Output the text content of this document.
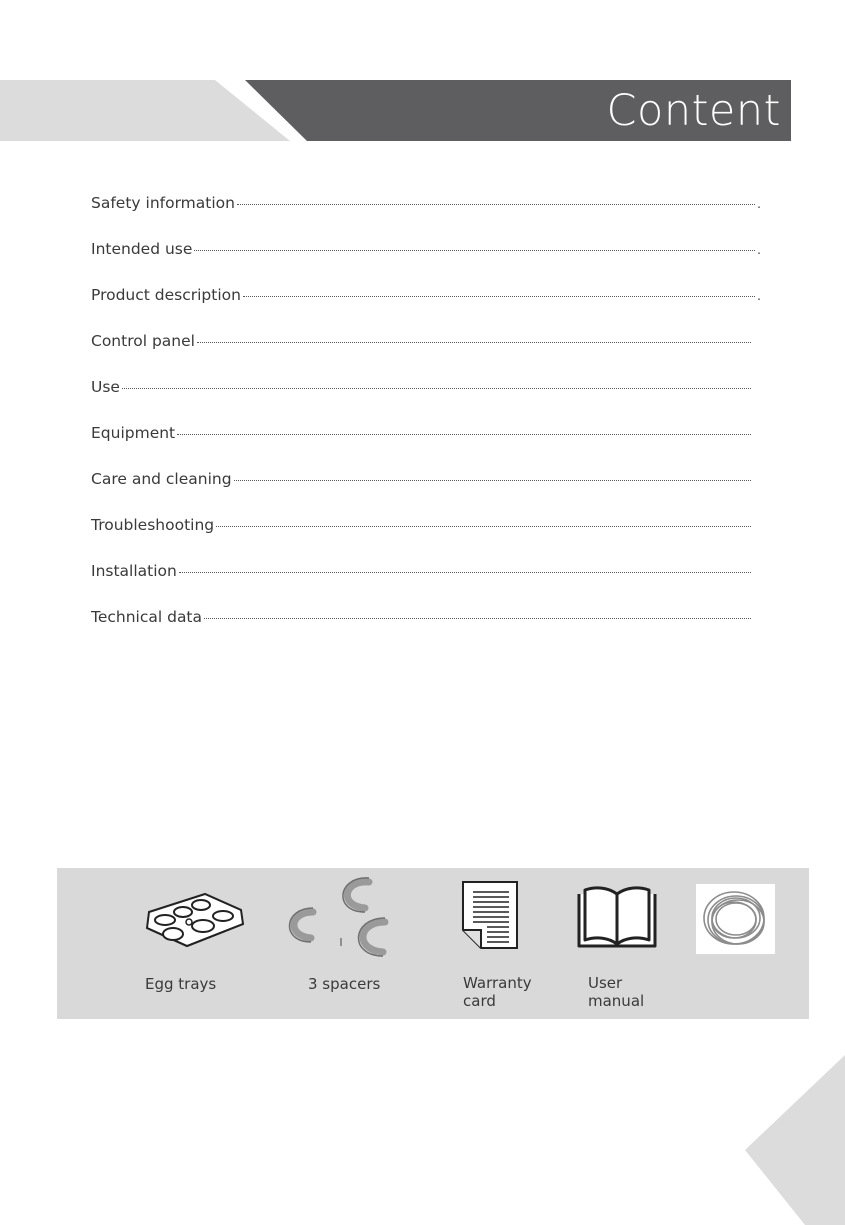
Content
Safety information	.
Intended use	.
Product description	.
Control panel
Use
Equipment
Care and cleaning
Troubleshooting
Installation
Technical data
Egg trays	3 spacers	Warranty
card
User
manual
